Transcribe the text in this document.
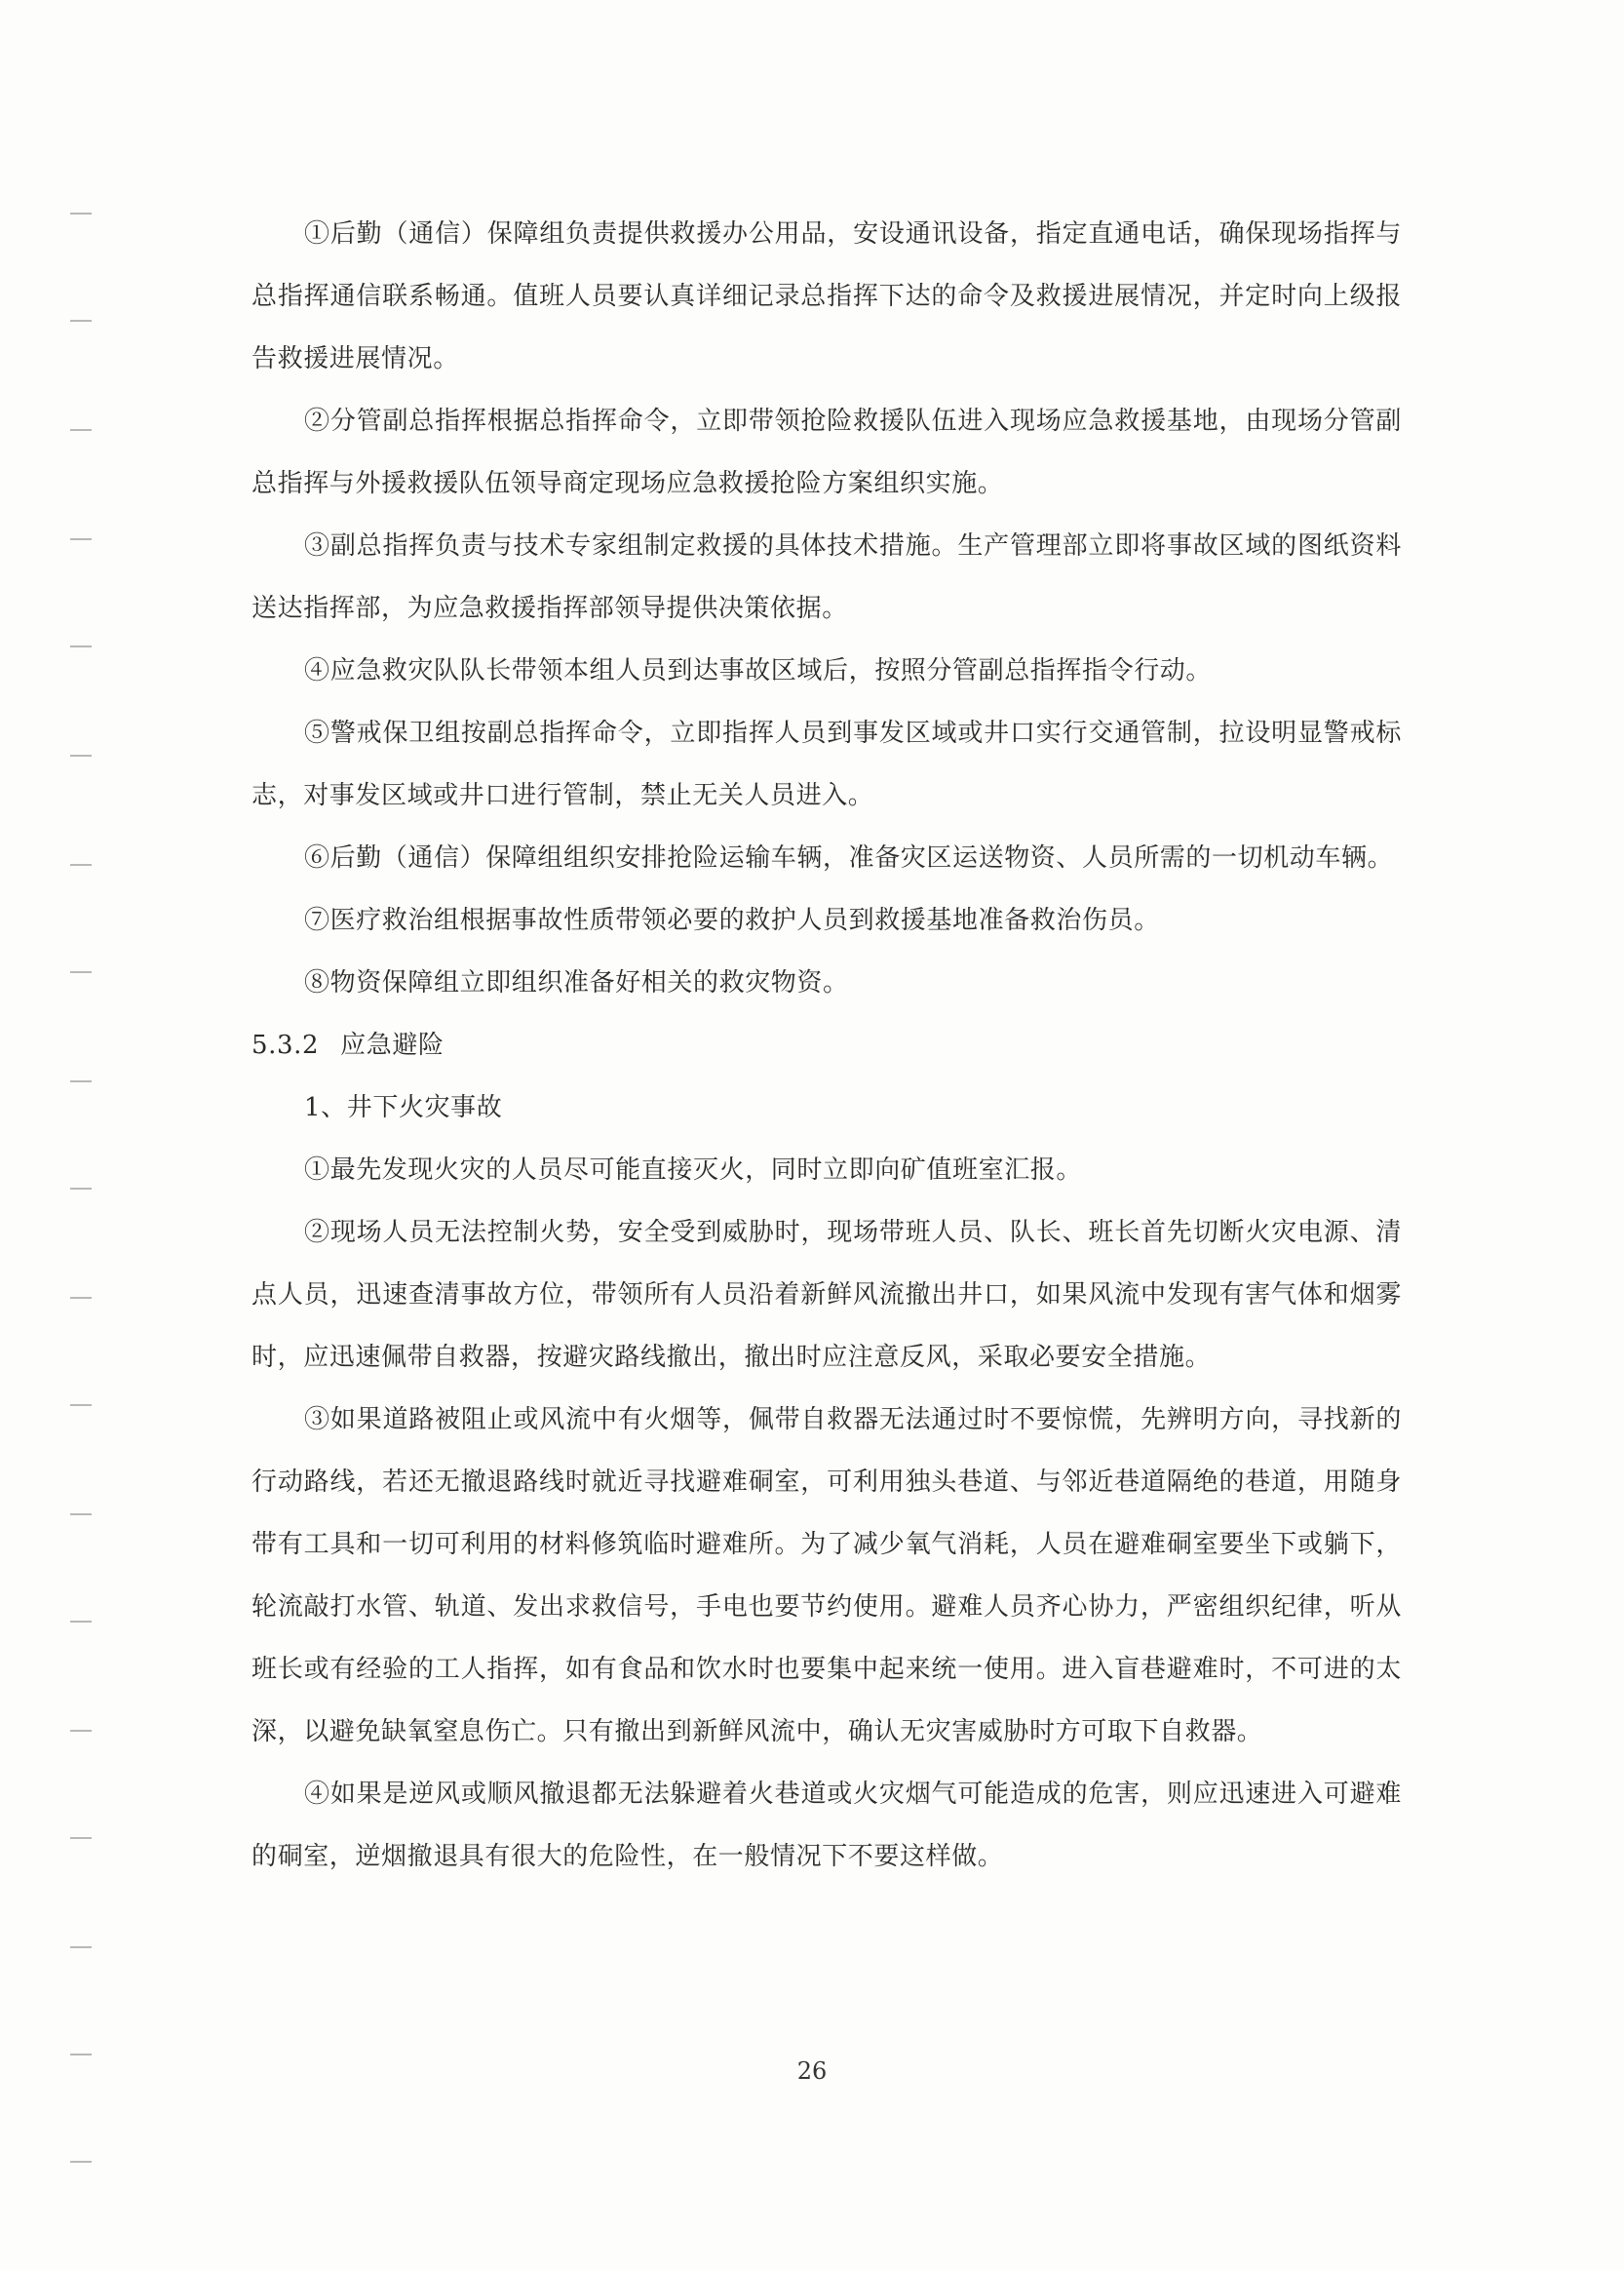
①后勤（通信）保障组负责提供救援办公用品，安设通讯设备，指定直通电话，确保现场指挥与总指挥通信联系畅通。值班人员要认真详细记录总指挥下达的命令及救援进展情况，并定时向上级报告救援进展情况。

②分管副总指挥根据总指挥命令，立即带领抢险救援队伍进入现场应急救援基地，由现场分管副总指挥与外援救援队伍领导商定现场应急救援抢险方案组织实施。

③副总指挥负责与技术专家组制定救援的具体技术措施。生产管理部立即将事故区域的图纸资料送达指挥部，为应急救援指挥部领导提供决策依据。

④应急救灾队队长带领本组人员到达事故区域后，按照分管副总指挥指令行动。

⑤警戒保卫组按副总指挥命令，立即指挥人员到事发区域或井口实行交通管制，拉设明显警戒标志，对事发区域或井口进行管制，禁止无关人员进入。

⑥后勤（通信）保障组组织安排抢险运输车辆，准备灾区运送物资、人员所需的一切机动车辆。

⑦医疗救治组根据事故性质带领必要的救护人员到救援基地准备救治伤员。

⑧物资保障组立即组织准备好相关的救灾物资。

5.3.2 应急避险

1、井下火灾事故

①最先发现火灾的人员尽可能直接灭火，同时立即向矿值班室汇报。

②现场人员无法控制火势，安全受到威胁时，现场带班人员、队长、班长首先切断火灾电源、清点人员，迅速查清事故方位，带领所有人员沿着新鲜风流撤出井口，如果风流中发现有害气体和烟雾时，应迅速佩带自救器，按避灾路线撤出，撤出时应注意反风，采取必要安全措施。

③如果道路被阻止或风流中有火烟等，佩带自救器无法通过时不要惊慌，先辨明方向，寻找新的行动路线，若还无撤退路线时就近寻找避难硐室，可利用独头巷道、与邻近巷道隔绝的巷道，用随身带有工具和一切可利用的材料修筑临时避难所。为了减少氧气消耗，人员在避难硐室要坐下或躺下，轮流敲打水管、轨道、发出求救信号，手电也要节约使用。避难人员齐心协力，严密组织纪律，听从班长或有经验的工人指挥，如有食品和饮水时也要集中起来统一使用。进入盲巷避难时，不可进的太深，以避免缺氧窒息伤亡。只有撤出到新鲜风流中，确认无灾害威胁时方可取下自救器。

④如果是逆风或顺风撤退都无法躲避着火巷道或火灾烟气可能造成的危害，则应迅速进入可避难的硐室，逆烟撤退具有很大的危险性，在一般情况下不要这样做。

26
